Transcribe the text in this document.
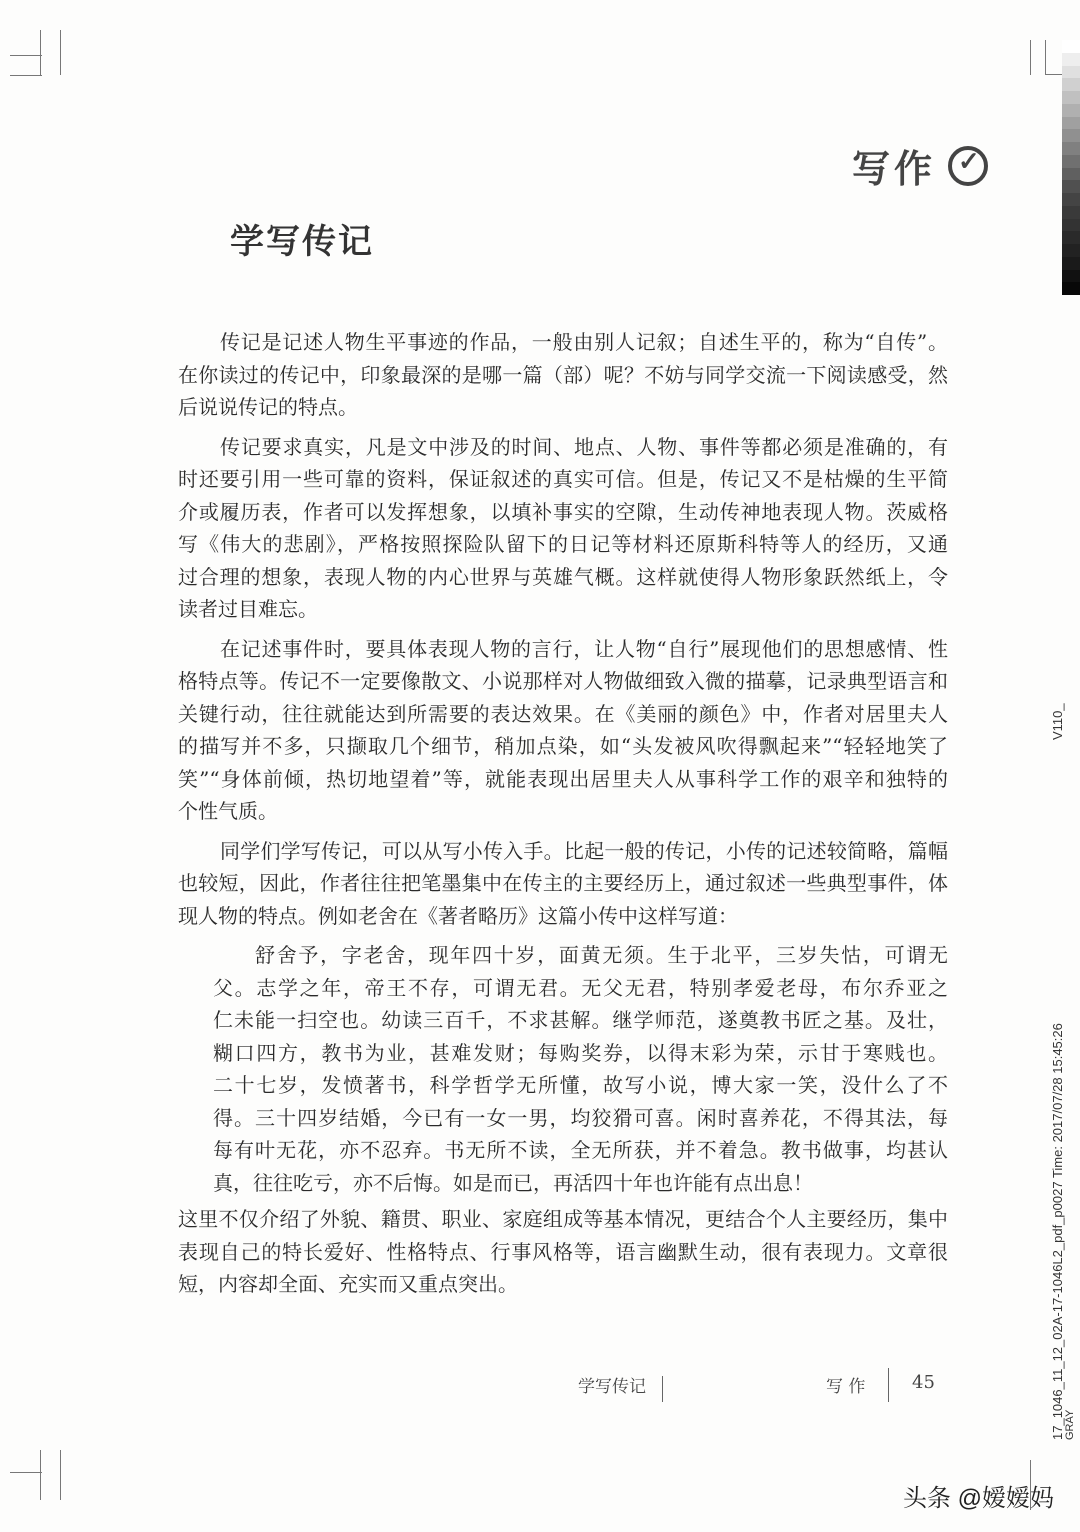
写作
✓
学写传记
传记是记述人物生平事迹的作品，一般由别人记叙；自述生平的，称为“自传”。
在你读过的传记中，印象最深的是哪一篇（部）呢？不妨与同学交流一下阅读感受，然
后说说传记的特点。
传记要求真实，凡是文中涉及的时间、地点、人物、事件等都必须是准确的，有
时还要引用一些可靠的资料，保证叙述的真实可信。但是，传记又不是枯燥的生平简
介或履历表，作者可以发挥想象，以填补事实的空隙，生动传神地表现人物。茨威格
写《伟大的悲剧》，严格按照探险队留下的日记等材料还原斯科特等人的经历，又通
过合理的想象，表现人物的内心世界与英雄气概。这样就使得人物形象跃然纸上，令
读者过目难忘。
在记述事件时，要具体表现人物的言行，让人物“自行”展现他们的思想感情、性
格特点等。传记不一定要像散文、小说那样对人物做细致入微的描摹，记录典型语言和
关键行动，往往就能达到所需要的表达效果。在《美丽的颜色》中，作者对居里夫人
的描写并不多，只撷取几个细节，稍加点染，如“头发被风吹得飘起来”“轻轻地笑了
笑”“身体前倾，热切地望着”等，就能表现出居里夫人从事科学工作的艰辛和独特的
个性气质。
同学们学写传记，可以从写小传入手。比起一般的传记，小传的记述较简略，篇幅
也较短，因此，作者往往把笔墨集中在传主的主要经历上，通过叙述一些典型事件，体
现人物的特点。例如老舍在《著者略历》这篇小传中这样写道：
舒舍予，字老舍，现年四十岁，面黄无须。生于北平，三岁失怙，可谓无
父。志学之年，帝王不存，可谓无君。无父无君，特别孝爱老母，布尔乔亚之
仁未能一扫空也。幼读三百千，不求甚解。继学师范，遂奠教书匠之基。及壮，
糊口四方，教书为业，甚难发财；每购奖券，以得末彩为荣，示甘于寒贱也。
二十七岁，发愤著书，科学哲学无所懂，故写小说，博大家一笑，没什么了不
得。三十四岁结婚，今已有一女一男，均狡猾可喜。闲时喜养花，不得其法，每
每有叶无花，亦不忍弃。书无所不读，全无所获，并不着急。教书做事，均甚认
真，往往吃亏，亦不后悔。如是而已，再活四十年也许能有点出息！
这里不仅介绍了外貌、籍贯、职业、家庭组成等基本情况，更结合个人主要经历，集中
表现自己的特长爱好、性格特点、行事风格等，语言幽默生动，很有表现力。文章很
短，内容却全面、充实而又重点突出。
学写传记	写 作	45
V110_
17_1046_11_12_02A-17-1046L2_pdf_p0027 Time: 2017/07/28 15:45:26 GRAY
头条 @嫒嫒妈
